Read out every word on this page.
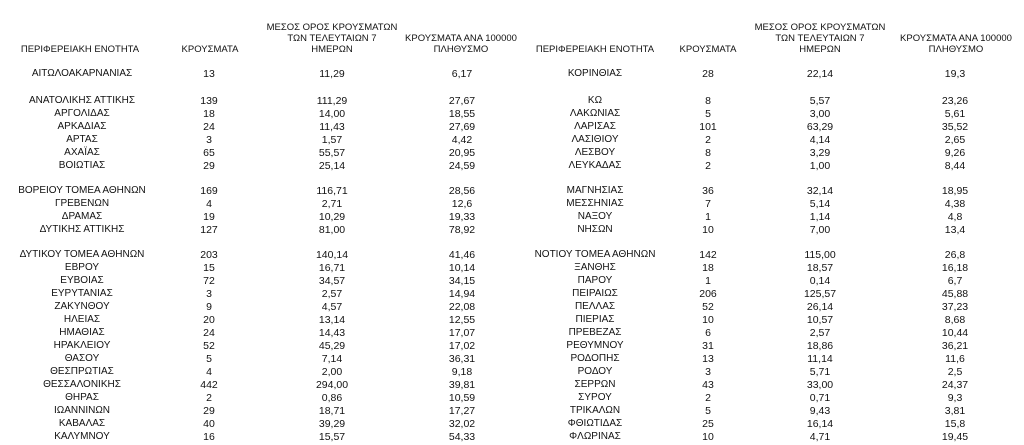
ΠΕΡΙΦΕΡΕΙΑΚΗ ΕΝΟΤΗΤΑ	ΚΡΟΥΣΜΑΤΑ
ΜΕΣΟΣ ΟΡΟΣ ΚΡΟΥΣΜΑΤΩΝ
ΤΩΝ ΤΕΛΕΥΤΑΙΩΝ 7
ΗΜΕΡΩΝ
ΚΡΟΥΣΜΑΤΑ ΑΝΑ 100000
ΠΛΗΘΥΣΜΟ	ΠΕΡΙΦΕΡΕΙΑΚΗ ΕΝΟΤΗΤΑ	ΚΡΟΥΣΜΑΤΑ
ΜΕΣΟΣ ΟΡΟΣ ΚΡΟΥΣΜΑΤΩΝ
ΤΩΝ ΤΕΛΕΥΤΑΙΩΝ 7
ΗΜΕΡΩΝ
ΚΡΟΥΣΜΑΤΑ ΑΝΑ 100000
ΠΛΗΘΥΣΜΟ
ΑΙΤΩΛΟΑΚΑΡΝΑΝΙΑΣ	13	11,29	6,17
ΑΝΑΤΟΛΙΚΗΣ ΑΤΤΙΚΗΣ	139	111,29	27,67
ΑΡΓΟΛΙΔΑΣ	18	14,00	18,55
ΑΡΚΑΔΙΑΣ	24	11,43	27,69
ΑΡΤΑΣ	3	1,57	4,42
ΑΧΑΪΑΣ	65	55,57	20,95
ΒΟΙΩΤΙΑΣ	29	25,14	24,59
ΒΟΡΕΙΟΥ ΤΟΜΕΑ ΑΘΗΝΩΝ	169	116,71	28,56
ΓΡΕΒΕΝΩΝ	4	2,71	12,6
ΔΡΑΜΑΣ	19	10,29	19,33
ΔΥΤΙΚΗΣ ΑΤΤΙΚΗΣ	127	81,00	78,92
ΔΥΤΙΚΟΥ ΤΟΜΕΑ ΑΘΗΝΩΝ	203	140,14	41,46
ΕΒΡΟΥ	15	16,71	10,14
ΕΥΒΟΙΑΣ	72	34,57	34,15
ΕΥΡΥΤΑΝΙΑΣ	3	2,57	14,94
ΖΑΚΥΝΘΟΥ	9	4,57	22,08
ΗΛΕΙΑΣ	20	13,14	12,55
ΗΜΑΘΙΑΣ	24	14,43	17,07
ΗΡΑΚΛΕΙΟΥ	52	45,29	17,02
ΘΑΣΟΥ	5	7,14	36,31
ΘΕΣΠΡΩΤΙΑΣ	4	2,00	9,18
ΘΕΣΣΑΛΟΝΙΚΗΣ	442	294,00	39,81
ΘΗΡΑΣ	2	0,86	10,59
ΙΩΑΝΝΙΝΩΝ	29	18,71	17,27
ΚΑΒΑΛΑΣ	40	39,29	32,02
ΚΑΛΥΜΝΟΥ	16	15,57	54,33
ΚΟΡΙΝΘΙΑΣ	28	22,14	19,3
ΚΩ	8	5,57	23,26
ΛΑΚΩΝΙΑΣ	5	3,00	5,61
ΛΑΡΙΣΑΣ	101	63,29	35,52
ΛΑΣΙΘΙΟΥ	2	4,14	2,65
ΛΕΣΒΟΥ	8	3,29	9,26
ΛΕΥΚΑΔΑΣ	2	1,00	8,44
ΜΑΓΝΗΣΙΑΣ	36	32,14	18,95
ΜΕΣΣΗΝΙΑΣ	7	5,14	4,38
ΝΑΞΟΥ	1	1,14	4,8
ΝΗΣΩΝ	10	7,00	13,4
ΝΟΤΙΟΥ ΤΟΜΕΑ ΑΘΗΝΩΝ	142	115,00	26,8
ΞΑΝΘΗΣ	18	18,57	16,18
ΠΑΡΟΥ	1	0,14	6,7
ΠΕΙΡΑΙΩΣ	206	125,57	45,88
ΠΕΛΛΑΣ	52	26,14	37,23
ΠΙΕΡΙΑΣ	10	10,57	8,68
ΠΡΕΒΕΖΑΣ	6	2,57	10,44
ΡΕΘΥΜΝΟΥ	31	18,86	36,21
ΡΟΔΟΠΗΣ	13	11,14	11,6
ΡΟΔΟΥ	3	5,71	2,5
ΣΕΡΡΩΝ	43	33,00	24,37
ΣΥΡΟΥ	2	0,71	9,3
ΤΡΙΚΑΛΩΝ	5	9,43	3,81
ΦΘΙΩΤΙΔΑΣ	25	16,14	15,8
ΦΛΩΡΙΝΑΣ	10	4,71	19,45
